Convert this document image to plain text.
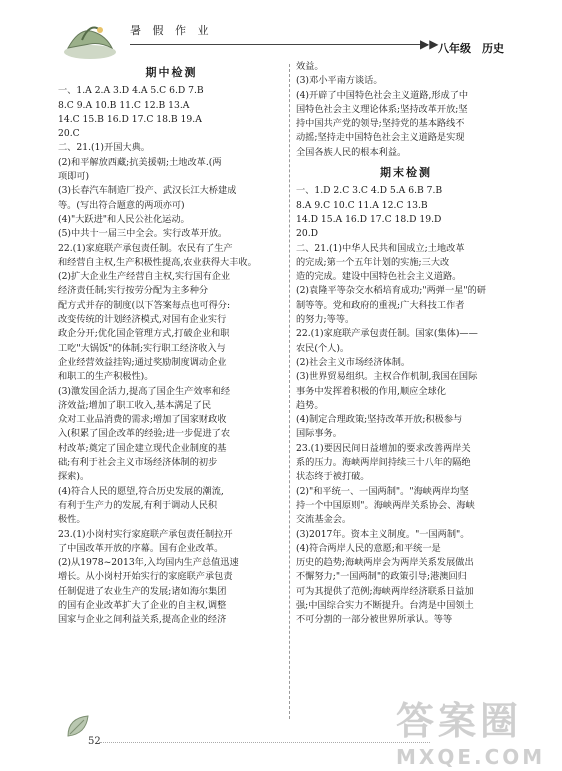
暑 假 作 业
▶▶ 八年级 历史
期中检测
一、1.A 2.A 3.D 4.A 5.C 6.D 7.B
8.C 9.A 10.B 11.C 12.B 13.A
14.C 15.B 16.D 17.C 18.B 19.A
20.C
二、21.(1)开国大典。
(2)和平解放西藏;抗美援朝;土地改革.(两
项即可)
(3)长春汽车制造厂投产、武汉长江大桥建成
等。(写出符合题意的两项亦可)
(4)"大跃进"和人民公社化运动。
(5)中共十一届三中全会。实行改革开放。
22.(1)家庭联产承包责任制。农民有了生产
和经营自主权,生产积极性提高,农业获得大丰收。
(2)扩大企业生产经营自主权,实行国有企业
经济责任制;实行按劳分配为主多种分
配方式并存的制度(以下答案每点也可得分:
改变传统的计划经济模式,对国有企业实行
政企分开;优化国企管理方式,打破企业和职
工吃"大锅饭"的体制;实行职工经济收入与
企业经营效益挂钩;通过奖励制度调动企业
和职工的生产积极性)。
(3)激发国企活力,提高了国企生产效率和经
济效益;增加了职工收入,基本满足了民
众对工业品消费的需求;增加了国家财政收
入(积累了国企改革的经验;进一步促进了农
村改革;奠定了国企建立现代企业制度的基
础;有利于社会主义市场经济体制的初步
探索)。
(4)符合人民的愿望,符合历史发展的潮流,
有利于生产力的发展,有利于调动人民积
极性。
23.(1)小岗村实行家庭联产承包责任制拉开
了中国改革开放的序幕。国有企业改革。
(2)从1978~2013年,入均国内生产总值迅速
增长。从小岗村开始实行的家庭联产承包责
任制促进了农业生产的发展;诸如海尔集团
的国有企业改革扩大了企业的自主权,调整
国家与企业之间利益关系,提高企业的经济
效益。
(3)邓小平南方谈话。
(4)开辟了中国特色社会主义道路,形成了中
国特色社会主义理论体系;坚持改革开放;坚
持中国共产党的领导;坚持党的基本路线不
动摇;坚持走中国特色社会主义道路是实现
全国各族人民的根本利益。
期末检测
一、1.D 2.C 3.C 4.D 5.A 6.B 7.B
8.A 9.C 10.C 11.A 12.C 13.B
14.D 15.A 16.D 17.C 18.D 19.D
20.D
二、21.(1)中华人民共和国成立;土地改革
的完成;第一个五年计划的实施;三大改
造的完成。建设中国特色社会主义道路。
(2)袁隆平等杂交水稻培育成功;"两弹一星"的研
制等等。党和政府的重视;广大科技工作者
的努力;等等。
22.(1)家庭联产承包责任制。国家(集体)——
农民(个人)。
(2)社会主义市场经济体制。
(3)世界贸易组织。主权合作机制,我国在国际
事务中发挥着积极的作用,顺应全球化
趋势。
(4)制定合理政策;坚持改革开放;积极参与
国际事务。
23.(1)要因民间日益增加的要求改善两岸关
系的压力。海峡两岸间持续三十八年的隔绝
状态终于被打破。
(2)"和平统一、一国两制"。"海峡两岸均坚
持一个中国原则"。海峡两岸关系协会、海峡
交流基金会。
(3)2017年。资本主义制度。"一国两制"。
(4)符合两岸人民的意愿;和平统一是
历史的趋势;海峡两岸会为两岸关系发展做出
不懈努力;"一国两制"的政策引导;港澳回归
可为其提供了范例;海峡两岸经济联系日益加
强;中国综合实力不断提升。台湾是中国领土
不可分割的一部分被世界所承认。等等
52	答案圈
MXQE.COM
